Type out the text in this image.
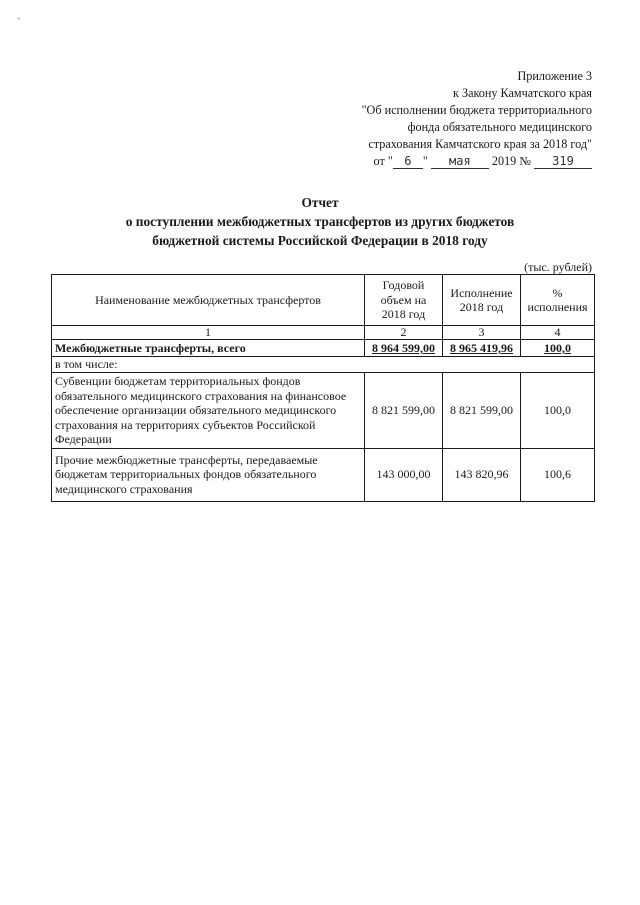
"
Приложение 3
к Закону Камчатского края
"Об исполнении бюджета территориального
фонда обязательного медицинского
страхования Камчатского края за 2018 год"
от " 6 " мая 2019 № 319
Отчет
о поступлении межбюджетных трансфертов из других бюджетов
бюджетной системы Российской Федерации в 2018 году
(тыс. рублей)
Наименование межбюджетных трансфертов	Годовой объем на 2018 год	Исполнение 2018 год	% исполнения
1	2	3	4
Межбюджетные трансферты, всего	8 964 599,00	8 965 419,96	100,0
в том числе:			
Субвенции бюджетам территориальных фондов обязательного медицинского страхования на финансовое обеспечение организации обязательного медицинского страхования на территориях субъектов Российской Федерации	8 821 599,00	8 821 599,00	100,0
Прочие межбюджетные трансферты, передаваемые бюджетам территориальных фондов обязательного медицинского страхования	143 000,00	143 820,96	100,6
